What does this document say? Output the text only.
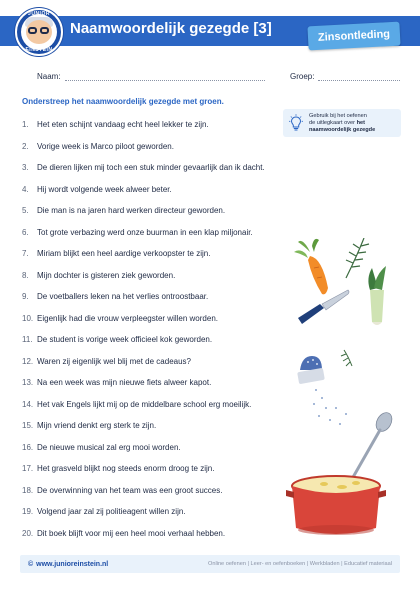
JUNIOR
EINSTEIN
Naamwoordelijk gezegde [3]	Zinsontleding
Naam:	Groep:
Onderstreep het naamwoordelijk gezegde met groen.
Gebruik bij het oefenen
de uitlegkaart over het
naamwoordelijk gezegde
1.	Het eten schijnt vandaag echt heel lekker te zijn.
2.	Vorige week is Marco piloot geworden.
3.	De dieren lijken mij toch een stuk minder gevaarlijk dan ik dacht.
4.	Hij wordt volgende week alweer beter.
5.	Die man is na jaren hard werken directeur geworden.
6.	Tot grote verbazing werd onze buurman in een klap miljonair.
7.	Miriam blijkt een heel aardige verkoopster te zijn.
8.	Mijn dochter is gisteren ziek geworden.
9.	De voetballers leken na het verlies ontroostbaar.
10. Eigenlijk had die vrouw verpleegster willen worden.
11. De student is vorige week officieel kok geworden.
12. Waren zij eigenlijk wel blij met de cadeaus?
13. Na een week was mijn nieuwe fiets alweer kapot.
14. Het vak Engels lijkt mij op de middelbare school erg moeilijk.
15. Mijn vriend denkt erg sterk te zijn.
16. De nieuwe musical zal erg mooi worden.
17. Het grasveld blijkt nog steeds enorm droog te zijn.
18. De overwinning van het team was een groot succes.
19. Volgend jaar zal zij politieagent willen zijn.
20. Dit boek blijft voor mij een heel mooi verhaal hebben.
© www.junioreinstein.nl	Online oefenen | Leer- en oefenboeken | Werkbladen | Educatief materiaal
